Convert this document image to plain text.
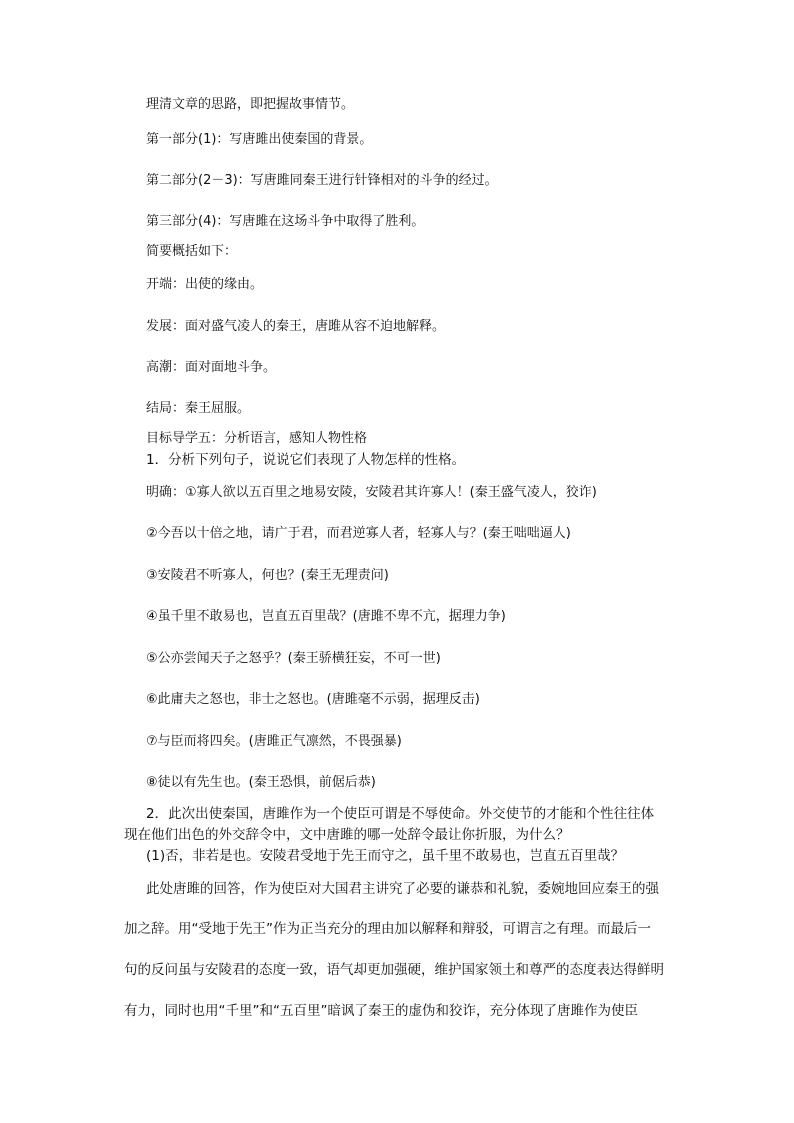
理清文章的思路，即把握故事情节。
第一部分(1)：写唐雎出使秦国的背景。
第二部分(2－3)：写唐雎同秦王进行针锋相对的斗争的经过。
第三部分(4)：写唐雎在这场斗争中取得了胜利。
简要概括如下：
开端：出使的缘由。
发展：面对盛气凌人的秦王，唐雎从容不迫地解释。
高潮：面对面地斗争。
结局：秦王屈服。
目标导学五：分析语言，感知人物性格
1．分析下列句子，说说它们表现了人物怎样的性格。
明确：①寡人欲以五百里之地易安陵，安陵君其许寡人！(秦王盛气凌人，狡诈)
②今吾以十倍之地，请广于君，而君逆寡人者，轻寡人与？(秦王咄咄逼人)
③安陵君不听寡人，何也？(秦王无理责问)
④虽千里不敢易也，岂直五百里哉？(唐雎不卑不亢，据理力争)
⑤公亦尝闻天子之怒乎？(秦王骄横狂妄，不可一世)
⑥此庸夫之怒也，非士之怒也。(唐雎毫不示弱，据理反击)
⑦与臣而将四矣。(唐雎正气凛然，不畏强暴)
⑧徒以有先生也。(秦王恐惧，前倨后恭)
2．此次出使秦国，唐雎作为一个使臣可谓是不辱使命。外交使节的才能和个性往往体
现在他们出色的外交辞令中，文中唐雎的哪一处辞令最让你折服，为什么？
(1)否，非若是也。安陵君受地于先王而守之，虽千里不敢易也，岂直五百里哉？
此处唐雎的回答，作为使臣对大国君主讲究了必要的谦恭和礼貌，委婉地回应秦王的强
加之辞。用“受地于先王”作为正当充分的理由加以解释和辩驳，可谓言之有理。而最后一
句的反问虽与安陵君的态度一致，语气却更加强硬，维护国家领土和尊严的态度表达得鲜明
有力，同时也用“千里”和“五百里”暗讽了秦王的虚伪和狡诈，充分体现了唐雎作为使臣
